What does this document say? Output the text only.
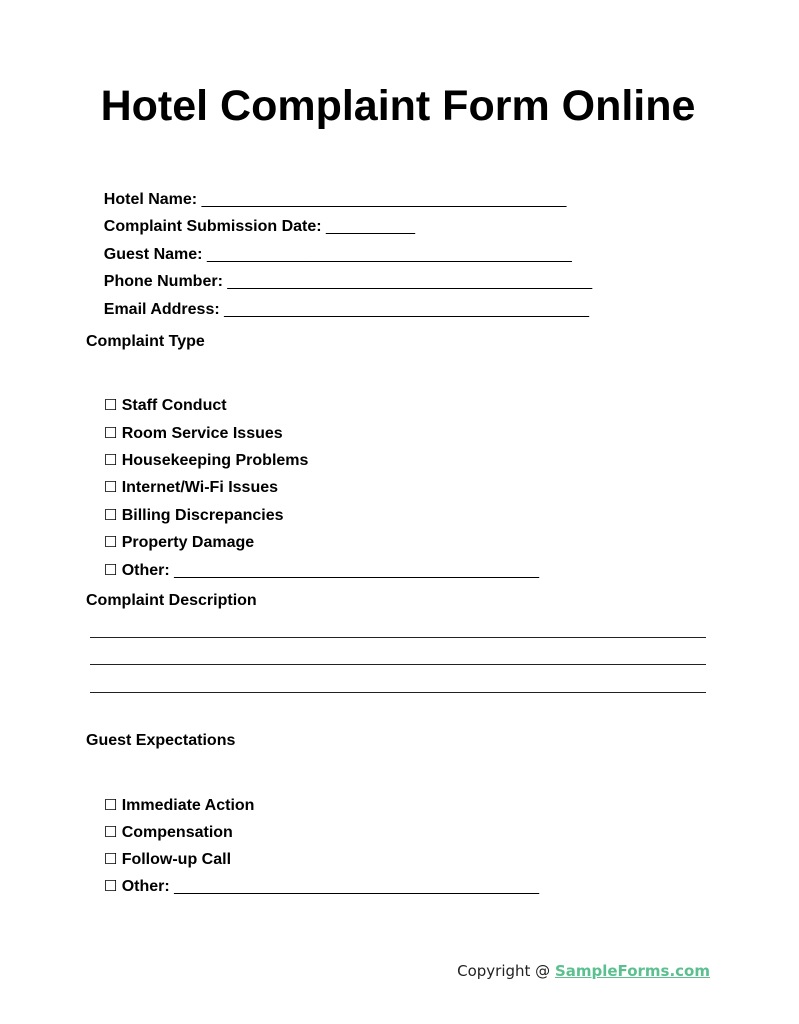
Hotel Complaint Form Online

Hotel Name: _________________________________________

Complaint Submission Date: __________

Guest Name: _________________________________________

Phone Number: _________________________________________

Email Address: _________________________________________

Complaint Type

☐ Staff Conduct

☐ Room Service Issues

☐ Housekeeping Problems

☐ Internet/Wi-Fi Issues

☐ Billing Discrepancies

☐ Property Damage

☐ Other: _________________________________________

Complaint Description
Guest Expectations

☐ Immediate Action

☐ Compensation

☐ Follow-up Call

☐ Other: _________________________________________

Copyright @ SampleForms.com
